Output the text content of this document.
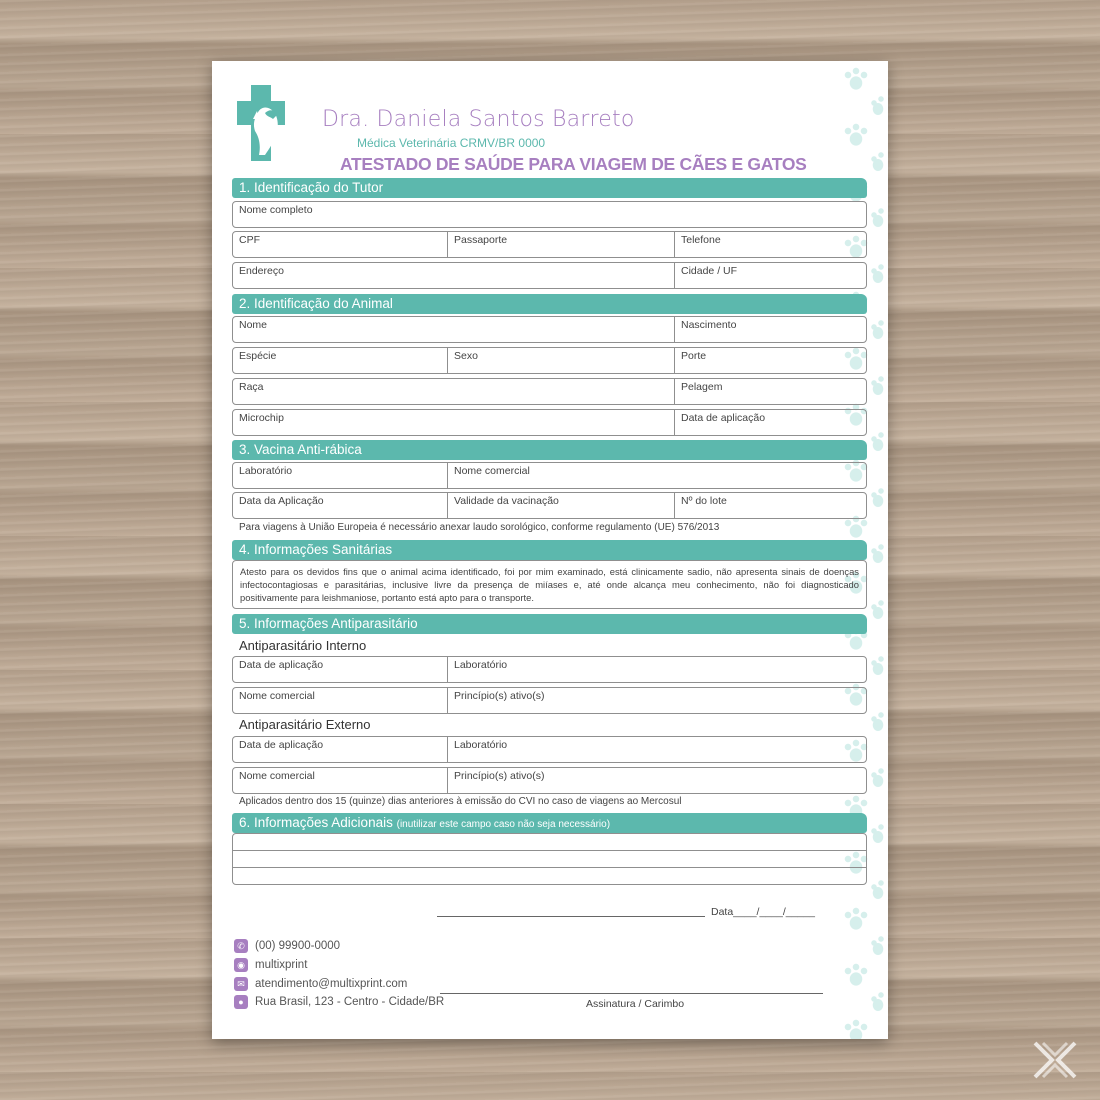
Dra. Daniela Santos Barreto
Médica Veterinária CRMV/BR 0000
ATESTADO DE SAÚDE PARA VIAGEM DE CÃES E GATOS
1. Identificação do Tutor
Nome completo
CPF	Passaporte	Telefone
Endereço	Cidade / UF
2. Identificação do Animal
Nome	Nascimento
Espécie	Sexo	Porte
Raça	Pelagem
Microchip	Data de aplicação
3. Vacina Anti-rábica
Laboratório	Nome comercial
Data da Aplicação	Validade da vacinação	Nº do lote
Para viagens à União Europeia é necessário anexar laudo sorológico, conforme regulamento (UE) 576/2013
4. Informações Sanitárias
Atesto para os devidos fins que o animal acima identificado, foi por mim examinado, está clinicamente sadio, não apresenta sinais de doenças infectocontagiosas e parasitárias, inclusive livre da presença de miíases e, até onde alcança meu conhecimento, não foi diagnosticado positivamente para leishmaniose, portanto está apto para o transporte.
5. Informações Antiparasitário
Antiparasitário Interno
Data de aplicação	Laboratório
Nome comercial	Princípio(s) ativo(s)
Antiparasitário Externo
Data de aplicação	Laboratório
Nome comercial	Princípio(s) ativo(s)
Aplicados dentro dos 15 (quinze) dias anteriores à emissão do CVI no caso de viagens ao Mercosul
6. Informações Adicionais (inutilizar este campo caso não seja necessário)
Data____/____/_____
Assinatura / Carimbo
✆ (00) 99900-0000
◉ multixprint
✉ atendimento@multixprint.com
● Rua Brasil, 123 - Centro - Cidade/BR
